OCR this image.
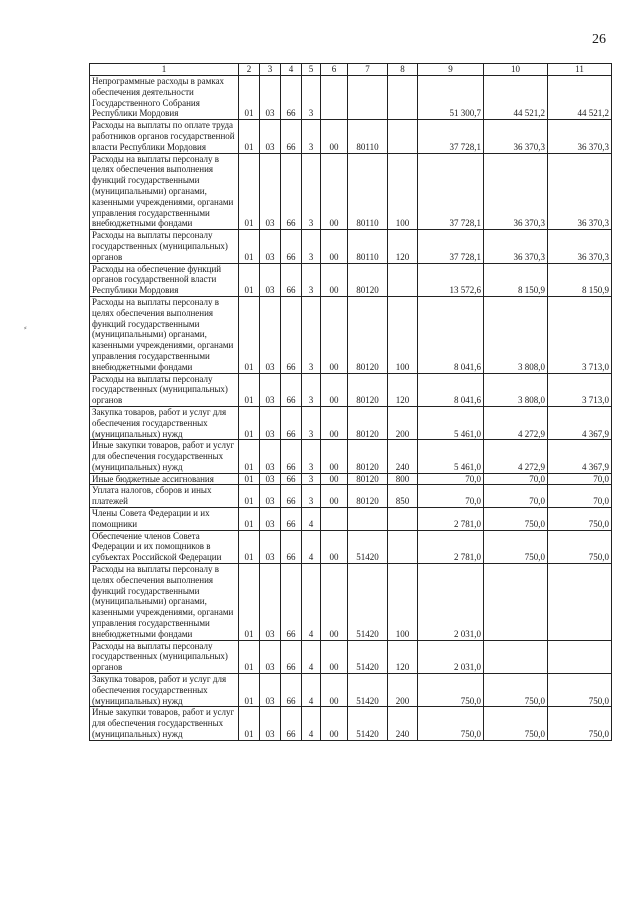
26
⸗
1	2	3	4	5	6	7	8	9	10	11
Непрограммные расходы в рамках обеспечения деятельности Государственного Собрания Республики Мордовия	01	03	66	3				51 300,7	44 521,2	44 521,2
Расходы на выплаты по оплате труда работников органов государственной власти Республики Мордовия	01	03	66	3	00	80110		37 728,1	36 370,3	36 370,3
Расходы на выплаты персоналу в целях обеспечения выполнения функций государственными (муниципальными) органами, казенными учреждениями, органами управления государственными внебюджетными фондами	01	03	66	3	00	80110	100	37 728,1	36 370,3	36 370,3
Расходы на выплаты персоналу государственных (муниципальных) органов	01	03	66	3	00	80110	120	37 728,1	36 370,3	36 370,3
Расходы на обеспечение функций органов государственной власти Республики Мордовия	01	03	66	3	00	80120		13 572,6	8 150,9	8 150,9
Расходы на выплаты персоналу в целях обеспечения выполнения функций государственными (муниципальными) органами, казенными учреждениями, органами управления государственными внебюджетными фондами	01	03	66	3	00	80120	100	8 041,6	3 808,0	3 713,0
Расходы на выплаты персоналу государственных (муниципальных) органов	01	03	66	3	00	80120	120	8 041,6	3 808,0	3 713,0
Закупка товаров, работ и услуг для обеспечения государственных (муниципальных) нужд	01	03	66	3	00	80120	200	5 461,0	4 272,9	4 367,9
Иные закупки товаров, работ и услуг для обеспечения государственных (муниципальных) нужд	01	03	66	3	00	80120	240	5 461,0	4 272,9	4 367,9
Иные бюджетные ассигнования	01	03	66	3	00	80120	800	70,0	70,0	70,0
Уплата налогов, сборов и иных платежей	01	03	66	3	00	80120	850	70,0	70,0	70,0
Члены Совета Федерации и их помощники	01	03	66	4				2 781,0	750,0	750,0
Обеспечение членов Совета Федерации и их помощников в субъектах Российской Федерации	01	03	66	4	00	51420		2 781,0	750,0	750,0
Расходы на выплаты персоналу в целях обеспечения выполнения функций государственными (муниципальными) органами, казенными учреждениями, органами управления государственными внебюджетными фондами	01	03	66	4	00	51420	100	2 031,0		
Расходы на выплаты персоналу государственных (муниципальных) органов	01	03	66	4	00	51420	120	2 031,0		
Закупка товаров, работ и услуг для обеспечения государственных (муниципальных) нужд	01	03	66	4	00	51420	200	750,0	750,0	750,0
Иные закупки товаров, работ и услуг для обеспечения государственных (муниципальных) нужд	01	03	66	4	00	51420	240	750,0	750,0	750,0
